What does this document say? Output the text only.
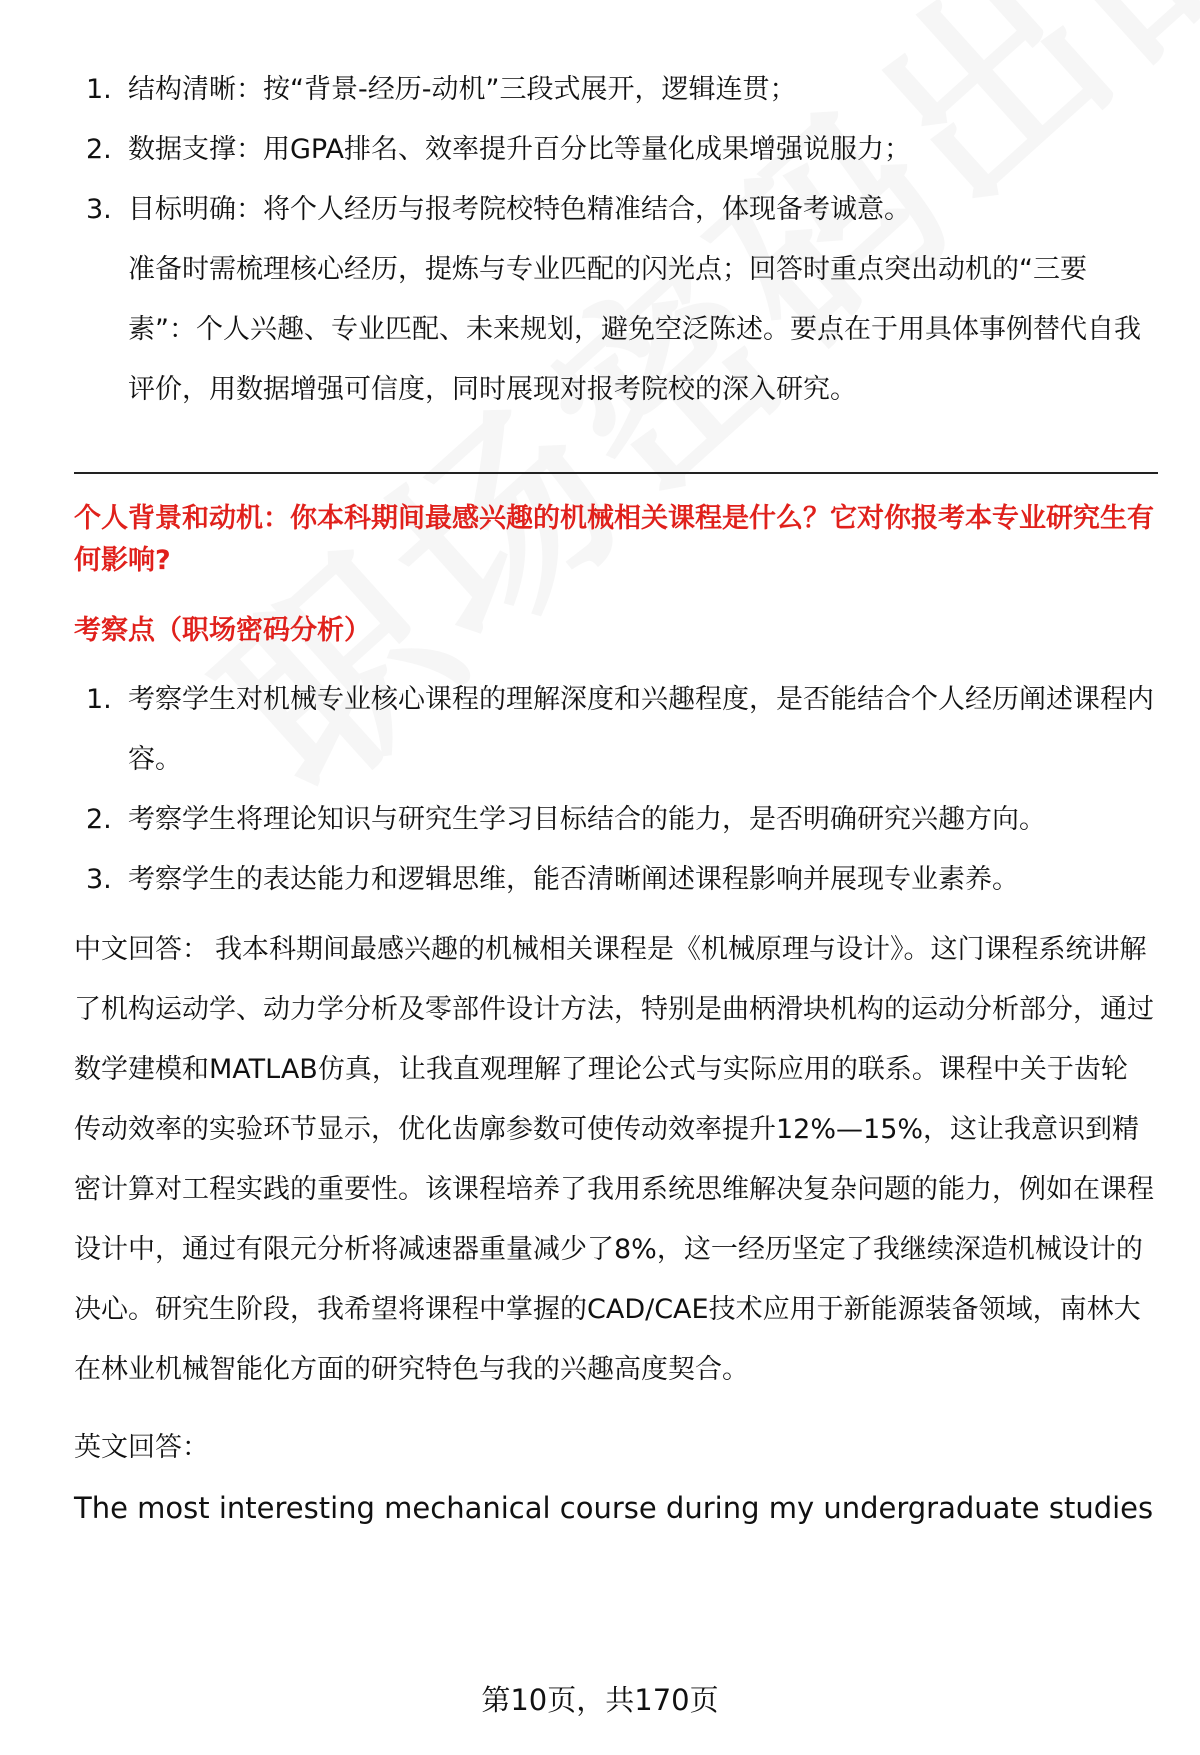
1. 结构清晰：按“背景-经历-动机”三段式展开，逻辑连贯；
2. 数据支撑：用GPA排名、效率提升百分比等量化成果增强说服力；
3. 目标明确：将个人经历与报考院校特色精准结合，体现备考诚意。

准备时需梳理核心经历，提炼与专业匹配的闪光点；回答时重点突出动机的“三要素”：个人兴趣、专业匹配、未来规划，避免空泛陈述。要点在于用具体事例替代自我评价，用数据增强可信度，同时展现对报考院校的深入研究。

个人背景和动机：你本科期间最感兴趣的机械相关课程是什么？它对你报考本专业研究生有何影响?
考察点（职场密码分析）
1. 考察学生对机械专业核心课程的理解深度和兴趣程度，是否能结合个人经历阐述课程内容。
2. 考察学生将理论知识与研究生学习目标结合的能力，是否明确研究兴趣方向。
3. 考察学生的表达能力和逻辑思维，能否清晰阐述课程影响并展现专业素养。

中文回答： 我本科期间最感兴趣的机械相关课程是《机械原理与设计》。这门课程系统讲解了机构运动学、动力学分析及零部件设计方法，特别是曲柄滑块机构的运动分析部分，通过数学建模和MATLAB仿真，让我直观理解了理论公式与实际应用的联系。课程中关于齿轮传动效率的实验环节显示，优化齿廓参数可使传动效率提升12%—15%，这让我意识到精密计算对工程实践的重要性。该课程培养了我用系统思维解决复杂问题的能力，例如在课程设计中，通过有限元分析将减速器重量减少了8%，这一经历坚定了我继续深造机械设计的决心。研究生阶段，我希望将课程中掌握的CAD/CAE技术应用于新能源装备领域，南林大在林业机械智能化方面的研究特色与我的兴趣高度契合。

英文回答：

The most interesting mechanical course during my undergraduate studies

第10页，共170页
